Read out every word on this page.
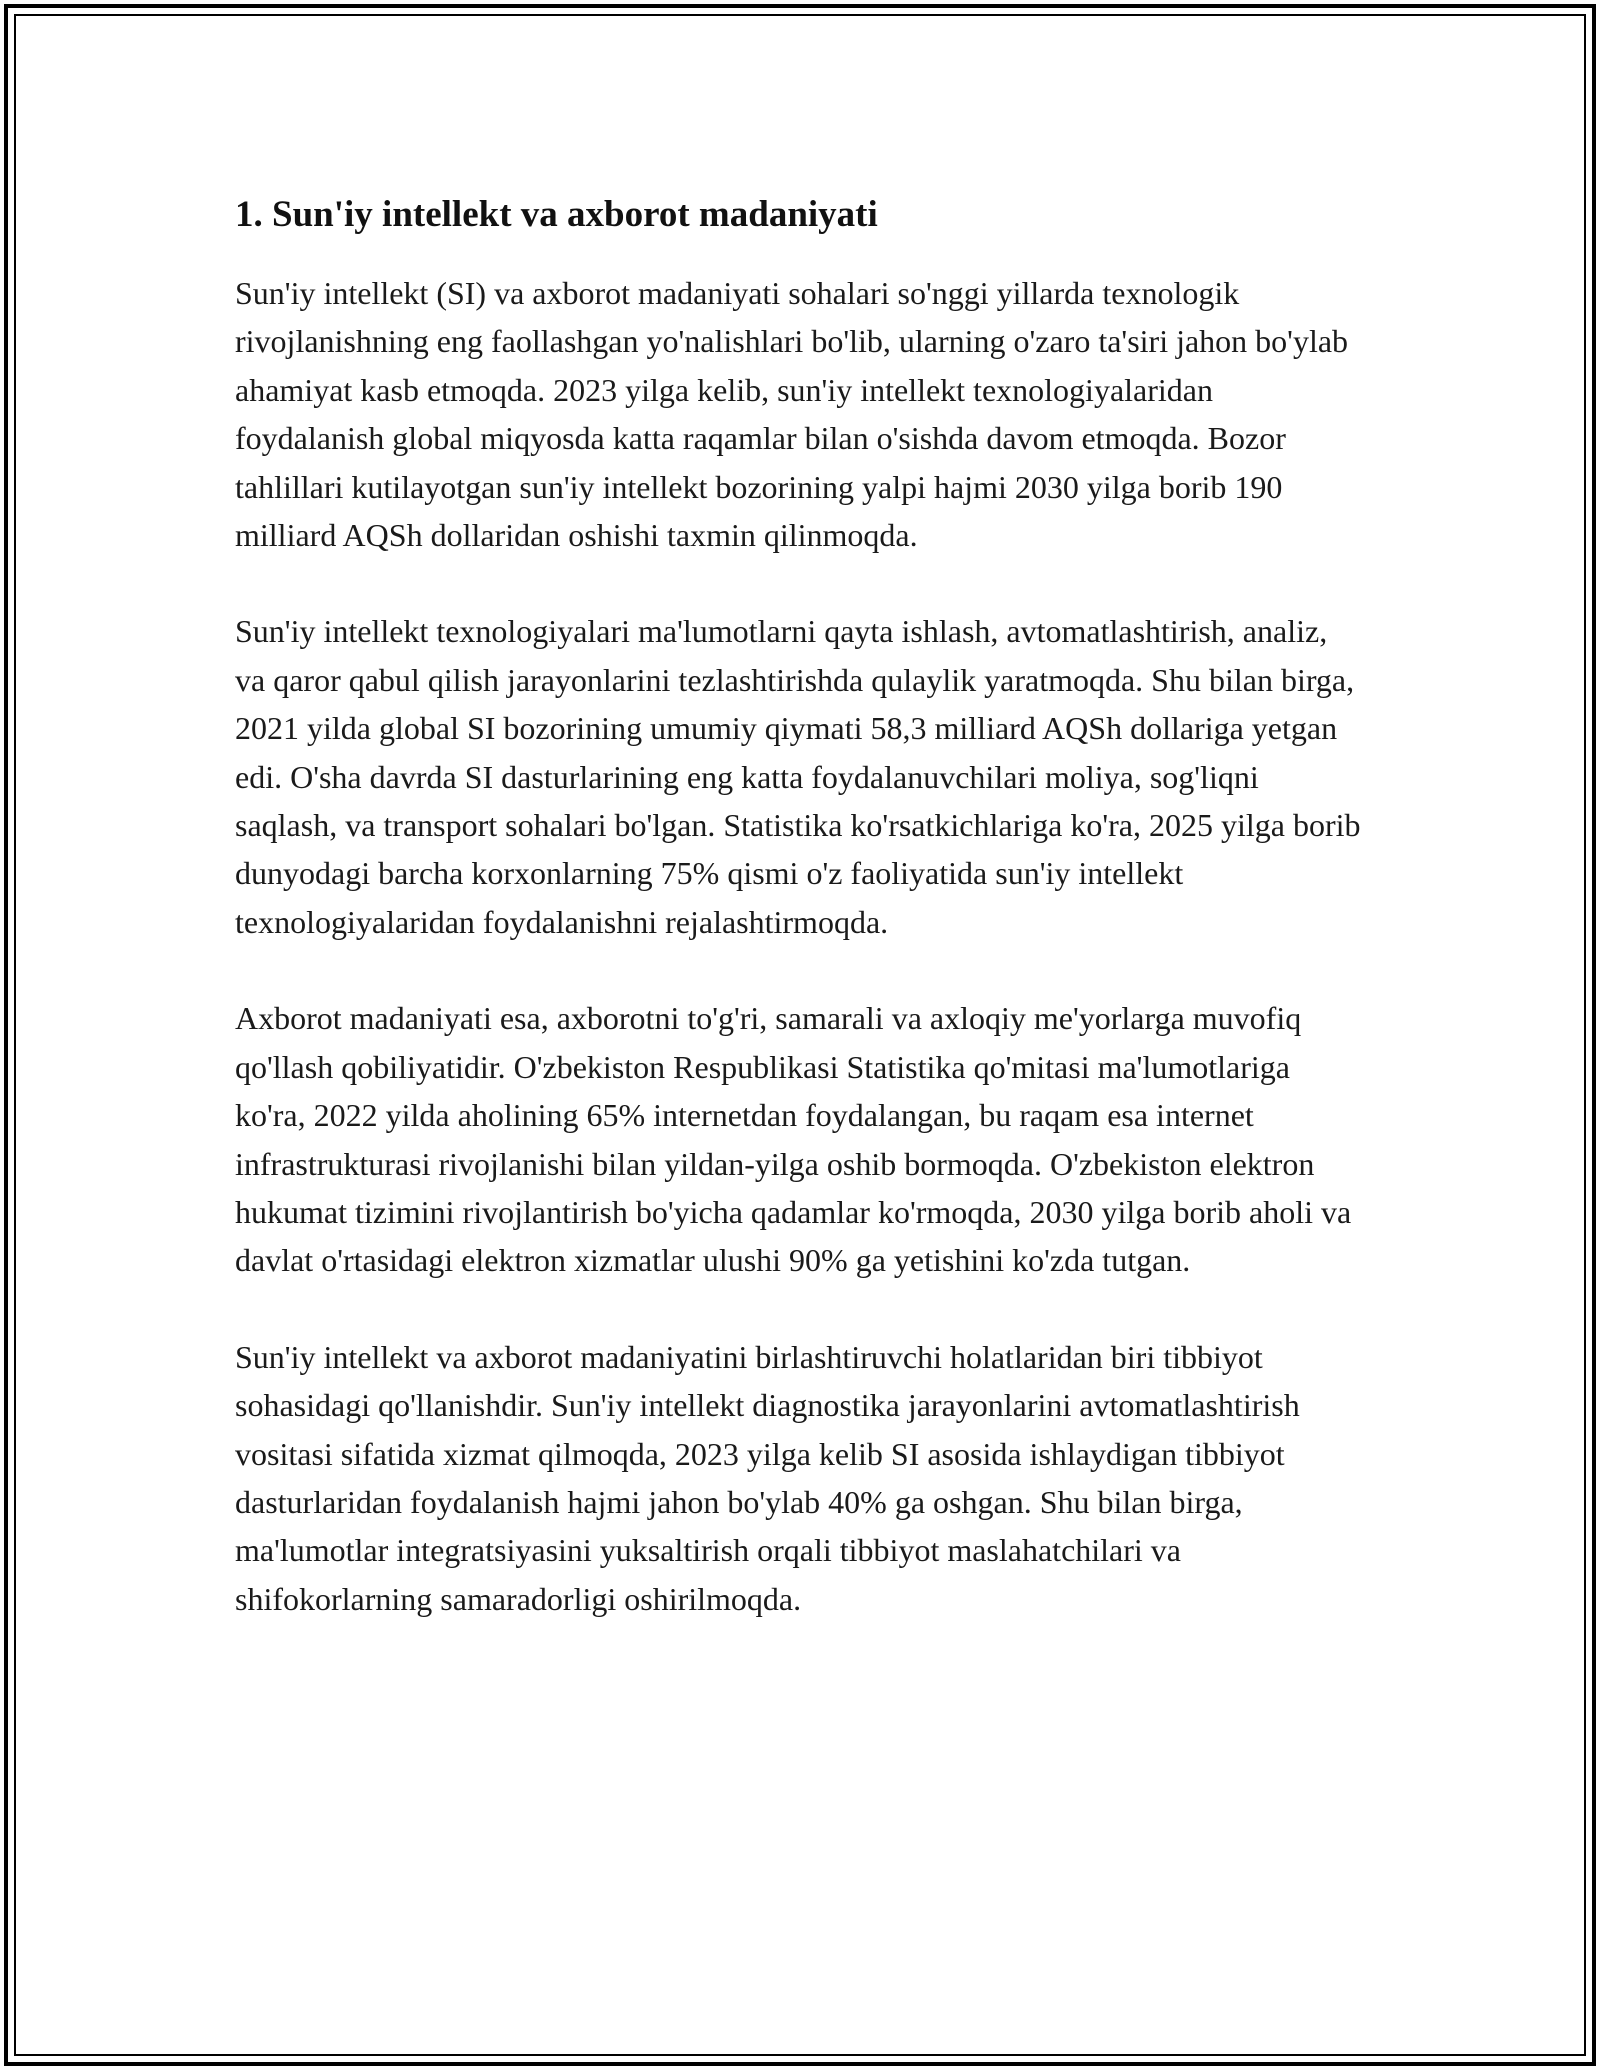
1. Sun'iy intellekt va axborot madaniyati

Sun'iy intellekt (SI) va axborot madaniyati sohalari so'nggi yillarda texnologik rivojlanishning eng faollashgan yo'nalishlari bo'lib, ularning o'zaro ta'siri jahon bo'ylab ahamiyat kasb etmoqda. 2023 yilga kelib, sun'iy intellekt texnologiyalaridan foydalanish global miqyosda katta raqamlar bilan o'sishda davom etmoqda. Bozor tahlillari kutilayotgan sun'iy intellekt bozorining yalpi hajmi 2030 yilga borib 190 milliard AQSh dollaridan oshishi taxmin qilinmoqda.

Sun'iy intellekt texnologiyalari ma'lumotlarni qayta ishlash, avtomatlashtirish, analiz, va qaror qabul qilish jarayonlarini tezlashtirishda qulaylik yaratmoqda. Shu bilan birga, 2021 yilda global SI bozorining umumiy qiymati 58,3 milliard AQSh dollariga yetgan edi. O'sha davrda SI dasturlarining eng katta foydalanuvchilari moliya, sog'liqni saqlash, va transport sohalari bo'lgan. Statistika ko'rsatkichlariga ko'ra, 2025 yilga borib dunyodagi barcha korxonlarning 75% qismi o'z faoliyatida sun'iy intellekt texnologiyalaridan foydalanishni rejalashtirmoqda.

Axborot madaniyati esa, axborotni to'g'ri, samarali va axloqiy me'yorlarga muvofiq qo'llash qobiliyatidir. O'zbekiston Respublikasi Statistika qo'mitasi ma'lumotlariga ko'ra, 2022 yilda aholining 65% internetdan foydalangan, bu raqam esa internet infrastrukturasi rivojlanishi bilan yildan-yilga oshib bormoqda. O'zbekiston elektron hukumat tizimini rivojlantirish bo'yicha qadamlar ko'rmoqda, 2030 yilga borib aholi va davlat o'rtasidagi elektron xizmatlar ulushi 90% ga yetishini ko'zda tutgan.

Sun'iy intellekt va axborot madaniyatini birlashtiruvchi holatlaridan biri tibbiyot sohasidagi qo'llanishdir. Sun'iy intellekt diagnostika jarayonlarini avtomatlashtirish vositasi sifatida xizmat qilmoqda, 2023 yilga kelib SI asosida ishlaydigan tibbiyot dasturlaridan foydalanish hajmi jahon bo'ylab 40% ga oshgan. Shu bilan birga, ma'lumotlar integratsiyasini yuksaltirish orqali tibbiyot maslahatchilari va shifokorlarning samaradorligi oshirilmoqda.
